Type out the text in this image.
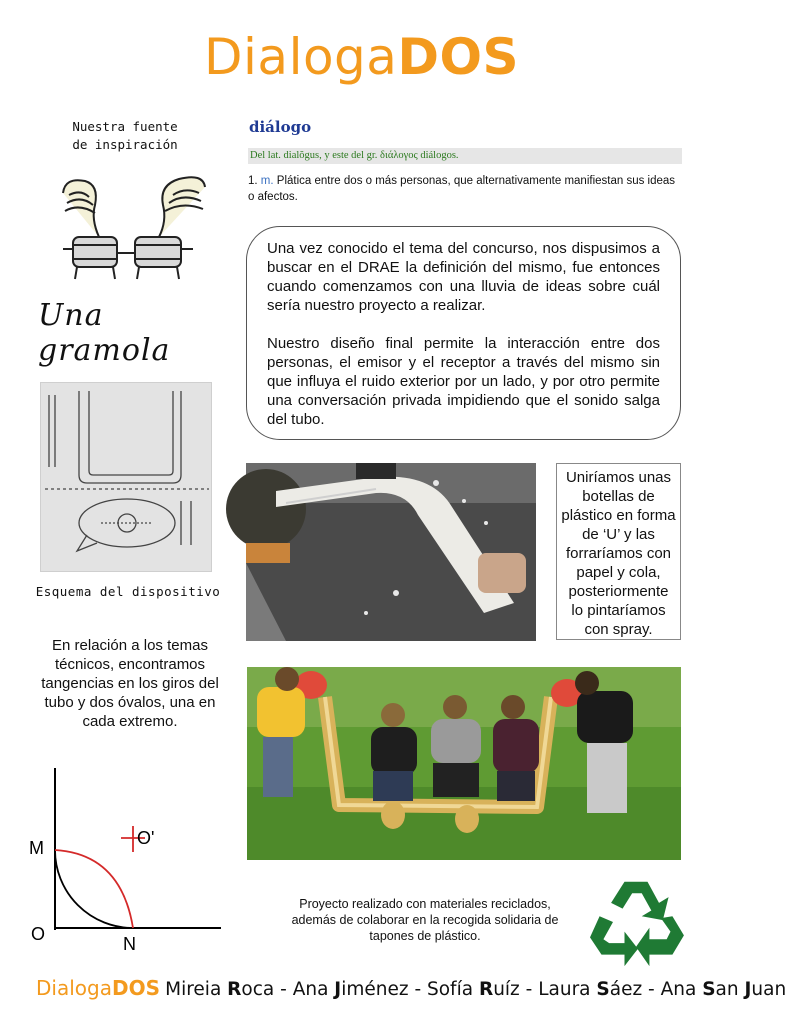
DialogaDOS
Nuestra fuente
de inspiración
Una gramola
Esquema del dispositivo
En relación a los temas técnicos, encontramos tangencias en los giros del tubo y dos óvalos, una en cada extremo.
M	O'
O	N
diálogo
Del lat. dialŏgus, y este del gr. διάλογος diálogos.
1. m. Plática entre dos o más personas, que alternativamente manifiestan sus ideas o afectos.

Una vez conocido el tema del concurso, nos dispusimos a buscar en el DRAE la definición del mismo, fue entonces cuando comenzamos con una lluvia de ideas sobre cuál sería nuestro proyecto a realizar.

Nuestro diseño final permite la interacción entre dos personas, el emisor y el receptor a través del mismo sin que influya el ruido exterior por un lado, y por otro permite una conversación privada impidiendo que el sonido salga del tubo.

Uniríamos unas botellas de plástico en forma de ‘U’ y las forraríamos con papel y cola, posteriormente lo pintaríamos con spray.
Proyecto realizado con materiales reciclados, además de colaborar en la recogida solidaria de tapones de plástico.
DialogaDOS Mireia Roca - Ana Jiménez - Sofía Ruíz - Laura Sáez - Ana San Juan
